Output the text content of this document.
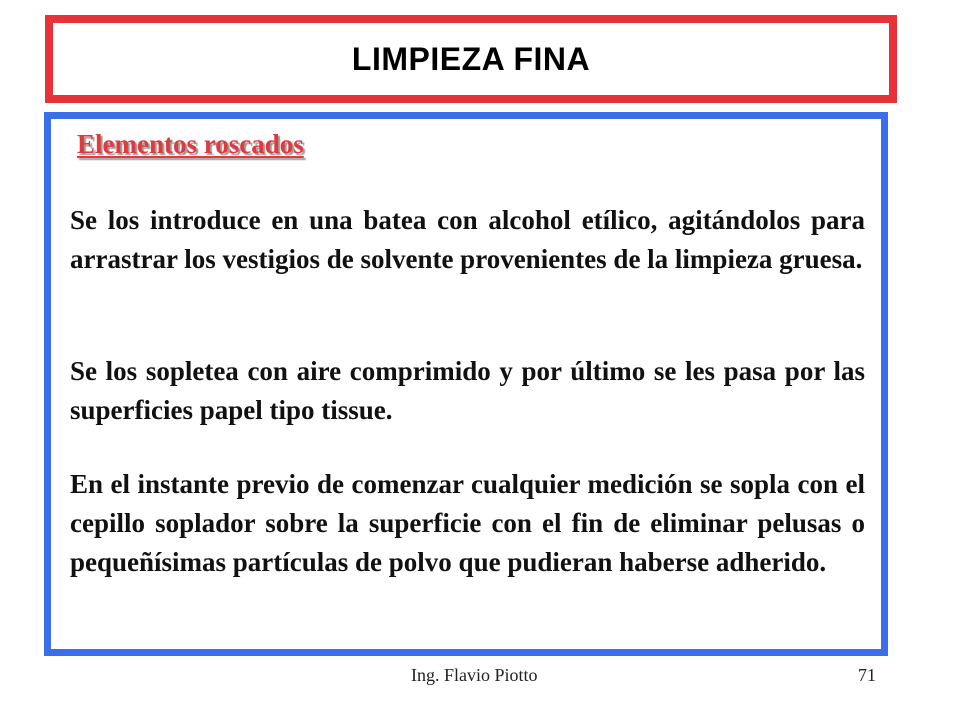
LIMPIEZA FINA
Elementos roscados

Se los introduce en una batea con alcohol etílico, agitándolos para arrastrar los vestigios de solvente provenientes de la limpieza gruesa.

Se los sopletea con aire comprimido y por último se les pasa por las superficies papel tipo tissue.

En el instante previo de comenzar cualquier medición se sopla con el cepillo soplador sobre la superficie con el fin de eliminar pelusas o pequeñísimas partículas de polvo que pudieran haberse adherido.

Ing. Flavio Piotto	71
